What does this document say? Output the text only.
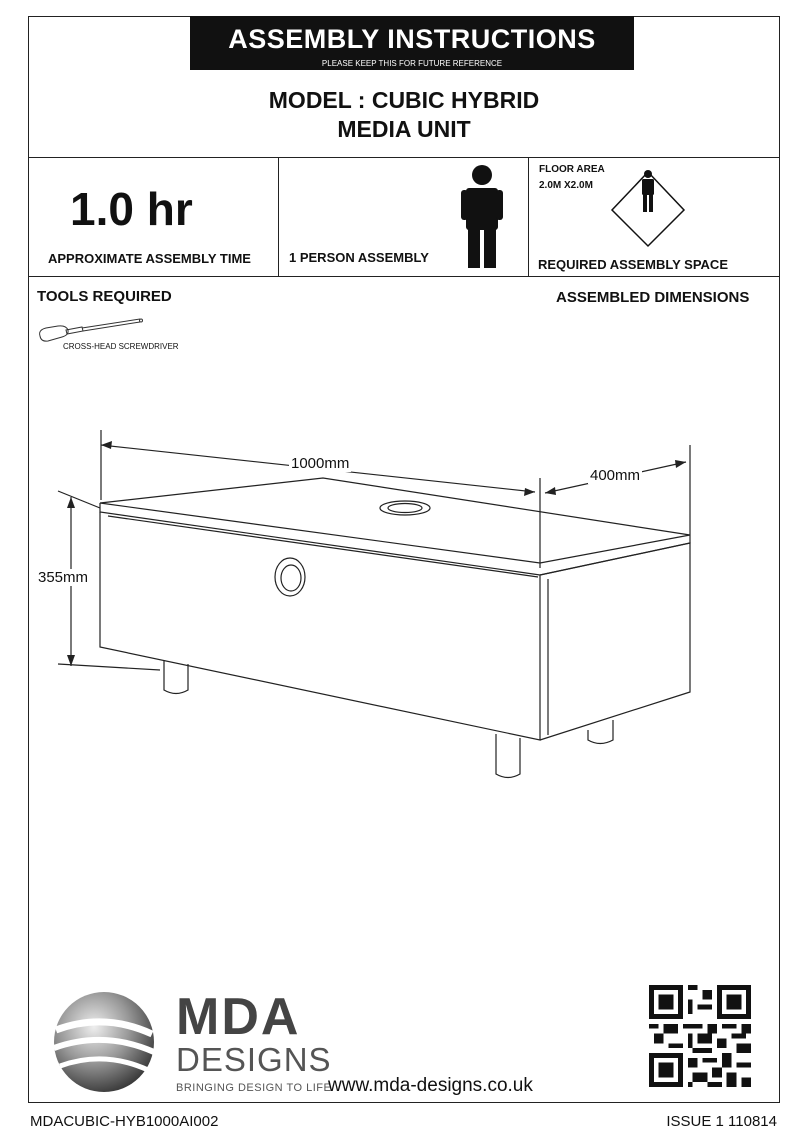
ASSEMBLY INSTRUCTIONS
PLEASE KEEP THIS FOR FUTURE REFERENCE
MODEL : CUBIC HYBRID
MEDIA UNIT
1.0 hr
APPROXIMATE ASSEMBLY TIME	1 PERSON ASSEMBLY
FLOOR AREA
2.0M X2.0M
REQUIRED ASSEMBLY SPACE
TOOLS REQUIRED
CROSS-HEAD SCREWDRIVER
ASSEMBLED DIMENSIONS
1000mm
400mm
355mm
MDA
DESIGNS
BRINGING DESIGN TO LIFE
www.mda-designs.co.uk
MDACUBIC-HYB1000AI002	ISSUE 1 110814
